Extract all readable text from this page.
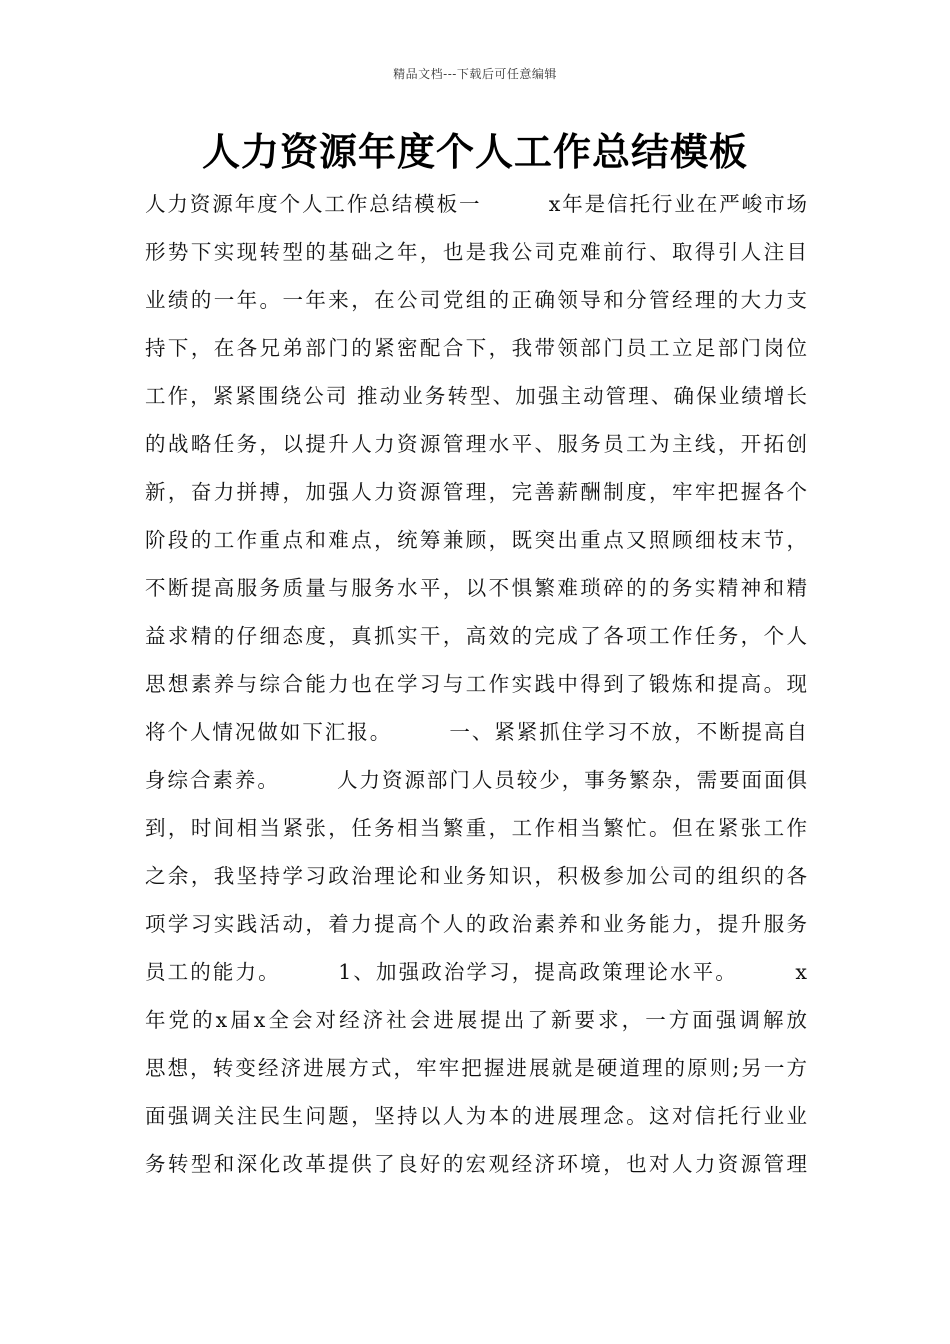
精品文档---下载后可任意编辑
人力资源年度个人工作总结模板
人力资源年度个人工作总结模板一　　　x年是信托行业在严峻市场
形势下实现转型的基础之年，也是我公司克难前行、取得引人注目
业绩的一年。一年来，在公司党组的正确领导和分管经理的大力支
持下，在各兄弟部门的紧密配合下，我带领部门员工立足部门岗位
工作，紧紧围绕公司 推动业务转型、加强主动管理、确保业绩增长
的战略任务，以提升人力资源管理水平、服务员工为主线，开拓创
新，奋力拼搏，加强人力资源管理，完善薪酬制度，牢牢把握各个
阶段的工作重点和难点，统筹兼顾，既突出重点又照顾细枝末节，
不断提高服务质量与服务水平，以不惧繁难琐碎的的务实精神和精
益求精的仔细态度，真抓实干，高效的完成了各项工作任务，个人
思想素养与综合能力也在学习与工作实践中得到了锻炼和提高。现
将个人情况做如下汇报。　　　一、紧紧抓住学习不放，不断提高自
身综合素养。　　　人力资源部门人员较少，事务繁杂，需要面面俱
到，时间相当紧张，任务相当繁重，工作相当繁忙。但在紧张工作
之余，我坚持学习政治理论和业务知识，积极参加公司的组织的各
项学习实践活动，着力提高个人的政治素养和业务能力，提升服务
员工的能力。　　　1、加强政治学习，提高政策理论水平。　　　x
年党的x届x全会对经济社会进展提出了新要求，一方面强调解放
思想，转变经济进展方式，牢牢把握进展就是硬道理的原则;另一方
面强调关注民生问题，坚持以人为本的进展理念。这对信托行业业
务转型和深化改革提供了良好的宏观经济环境，也对人力资源管理
